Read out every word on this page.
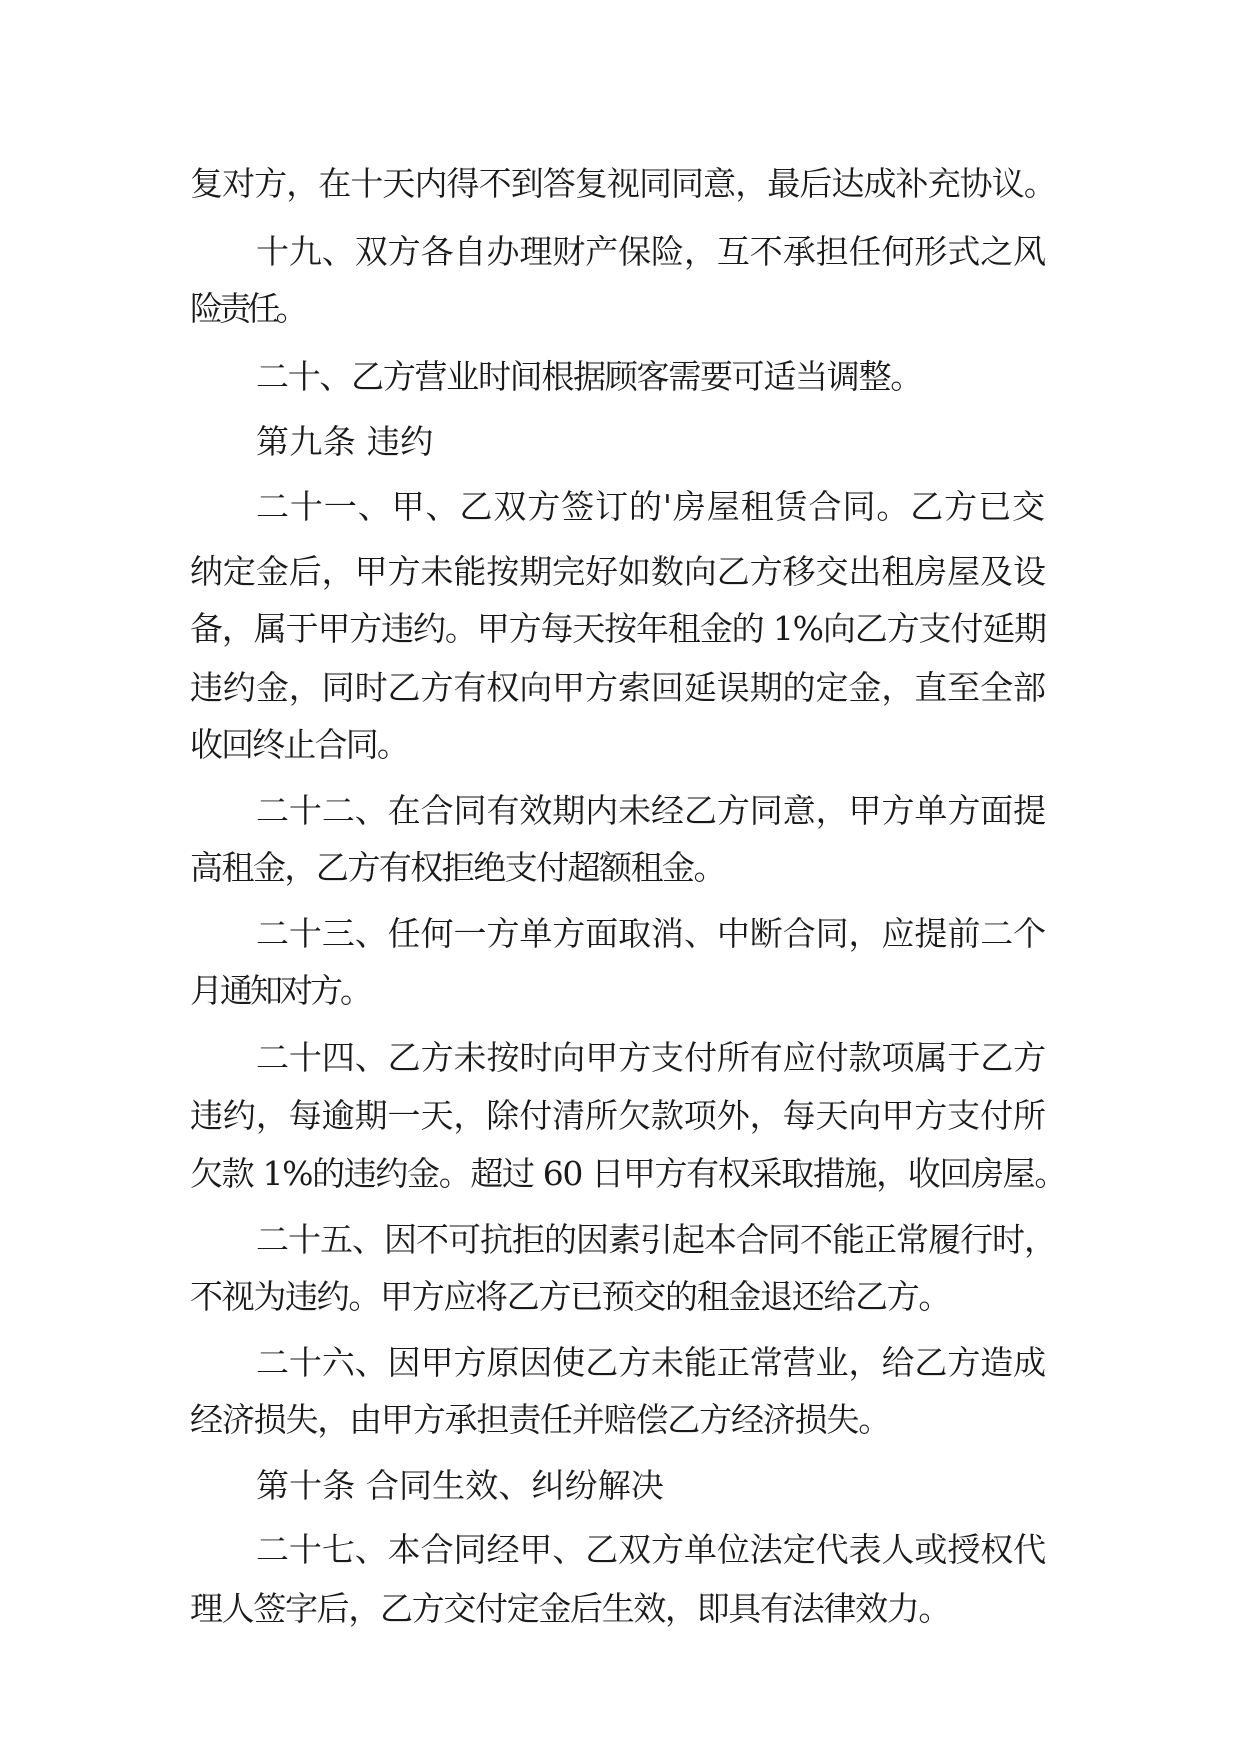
复对方，在十天内得不到答复视同同意，最后达成补充协议。
十九、双方各自办理财产保险，互不承担任何形式之风
险责任。
二十、乙方营业时间根据顾客需要可适当调整。
第九条 违约
二十一、甲、乙双方签订的'房屋租赁合同。乙方已交
纳定金后，甲方未能按期完好如数向乙方移交出租房屋及设
备，属于甲方违约。甲方每天按年租金的 1%向乙方支付延期
违约金，同时乙方有权向甲方索回延误期的定金，直至全部
收回终止合同。
二十二、在合同有效期内未经乙方同意，甲方单方面提
高租金，乙方有权拒绝支付超额租金。
二十三、任何一方单方面取消、中断合同，应提前二个
月通知对方。
二十四、乙方未按时向甲方支付所有应付款项属于乙方
违约，每逾期一天，除付清所欠款项外，每天向甲方支付所
欠款 1%的违约金。超过 60 日甲方有权采取措施，收回房屋。
二十五、因不可抗拒的因素引起本合同不能正常履行时，
不视为违约。甲方应将乙方已预交的租金退还给乙方。
二十六、因甲方原因使乙方未能正常营业，给乙方造成
经济损失，由甲方承担责任并赔偿乙方经济损失。
第十条 合同生效、纠纷解决
二十七、本合同经甲、乙双方单位法定代表人或授权代
理人签字后，乙方交付定金后生效，即具有法律效力。
